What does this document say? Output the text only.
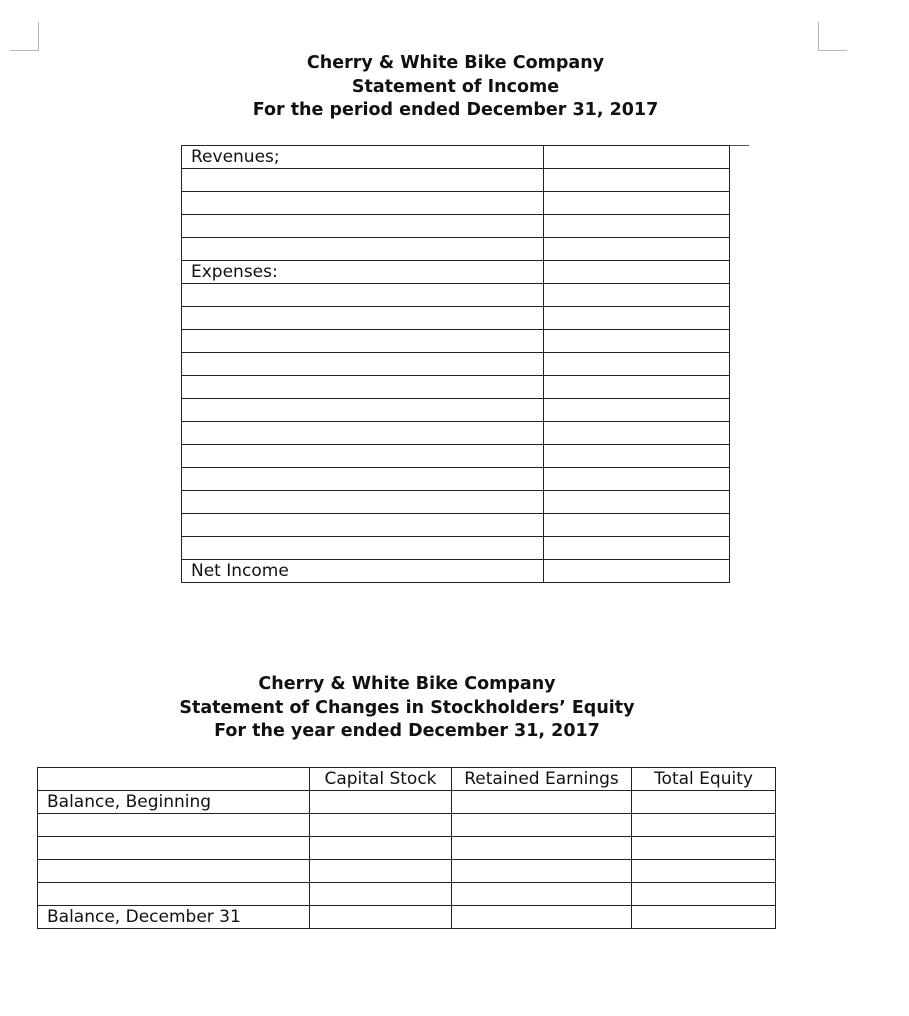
Cherry & White Bike Company
Statement of Income
For the period ended December 31, 2017
Revenues;	

Expenses:	

Net Income	
Cherry & White Bike Company
Statement of Changes in Stockholders’ Equity
For the year ended December 31, 2017
	Capital Stock	Retained Earnings	Total Equity
Balance, Beginning			

Balance, December 31			
